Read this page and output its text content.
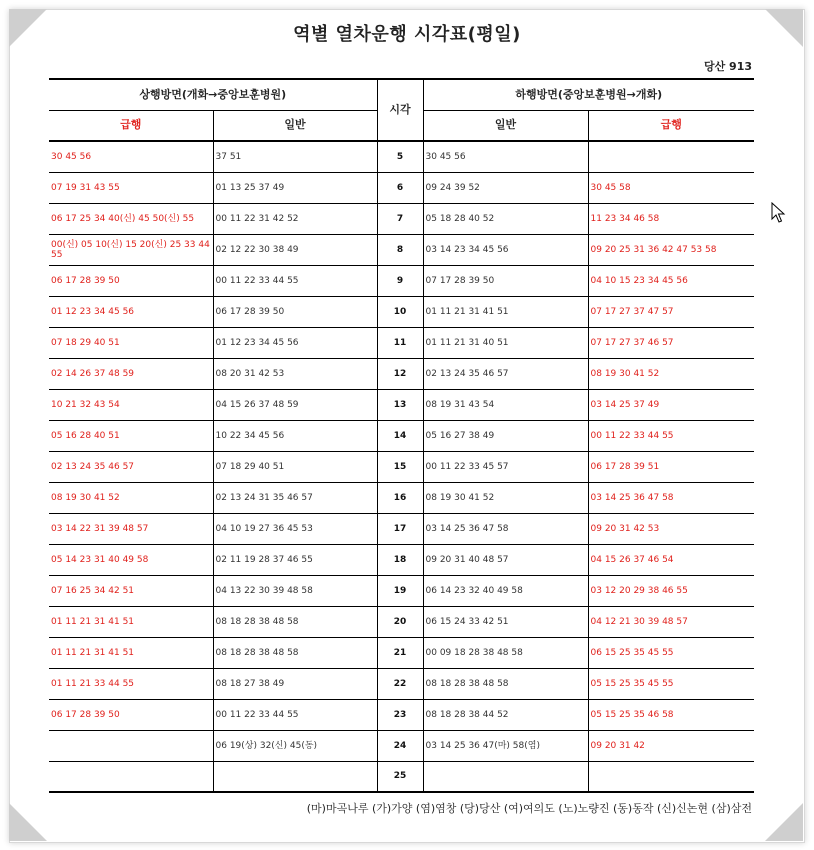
역별 열차운행 시각표(평일)
당산 913
상행방면(개화→중앙보훈병원)		시각	하행방면(중앙보훈병원→개화)	
급행	일반		일반	급행
30 45 56	37 51	5	30 45 56	
07 19 31 43 55	01 13 25 37 49	6	09 24 39 52	30 45 58
06 17 25 34 40(신) 45 50(신) 55	00 11 22 31 42 52	7	05 18 28 40 52	11 23 34 46 58
00(신) 05 10(신) 15 20(신) 25 33 44 55	02 12 22 30 38 49	8	03 14 23 34 45 56	09 20 25 31 36 42 47 53 58
06 17 28 39 50	00 11 22 33 44 55	9	07 17 28 39 50	04 10 15 23 34 45 56
01 12 23 34 45 56	06 17 28 39 50	10	01 11 21 31 41 51	07 17 27 37 47 57
07 18 29 40 51	01 12 23 34 45 56	11	01 11 21 31 40 51	07 17 27 37 46 57
02 14 26 37 48 59	08 20 31 42 53	12	02 13 24 35 46 57	08 19 30 41 52
10 21 32 43 54	04 15 26 37 48 59	13	08 19 31 43 54	03 14 25 37 49
05 16 28 40 51	10 22 34 45 56	14	05 16 27 38 49	00 11 22 33 44 55
02 13 24 35 46 57	07 18 29 40 51	15	00 11 22 33 45 57	06 17 28 39 51
08 19 30 41 52	02 13 24 31 35 46 57	16	08 19 30 41 52	03 14 25 36 47 58
03 14 22 31 39 48 57	04 10 19 27 36 45 53	17	03 14 25 36 47 58	09 20 31 42 53
05 14 23 31 40 49 58	02 11 19 28 37 46 55	18	09 20 31 40 48 57	04 15 26 37 46 54
07 16 25 34 42 51	04 13 22 30 39 48 58	19	06 14 23 32 40 49 58	03 12 20 29 38 46 55
01 11 21 31 41 51	08 18 28 38 48 58	20	06 15 24 33 42 51	04 12 21 30 39 48 57
01 11 21 31 41 51	08 18 28 38 48 58	21	00 09 18 28 38 48 58	06 15 25 35 45 55
01 11 21 33 44 55	08 18 27 38 49	22	08 18 28 38 48 58	05 15 25 35 45 55
06 17 28 39 50	00 11 22 33 44 55	23	08 18 28 38 44 52	05 15 25 35 46 58
	06 19(상) 32(신) 45(동)	24	03 14 25 36 47(마) 58(염)	09 20 31 42
		25		
(마)마곡나루 (가)가양 (염)염창 (당)당산 (여)여의도 (노)노량진 (동)동작 (신)신논현 (삼)삼전
